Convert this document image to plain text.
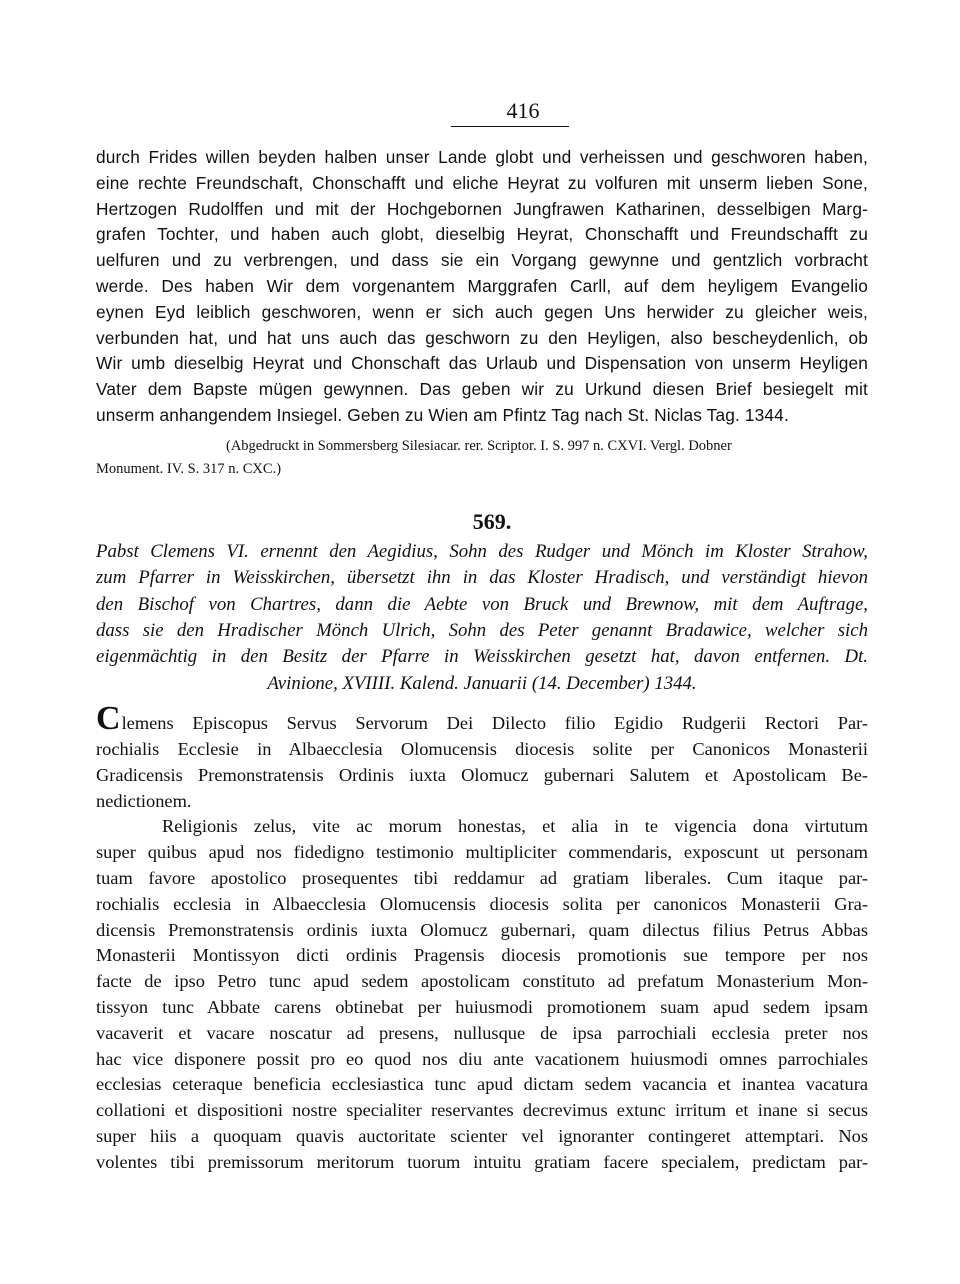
416
durch Frides willen beyden halben unser Lande globt und verheissen und geschworen haben,
eine rechte Freundschaft, Chonschafft und eliche Heyrat zu volfuren mit unserm lieben Sone,
Hertzogen Rudolffen und mit der Hochgebornen Jungfrawen Katharinen, desselbigen Marg-
grafen Tochter, und haben auch globt, dieselbig Heyrat, Chonschafft und Freundschafft zu
uelfuren und zu verbrengen, und dass sie ein Vorgang gewynne und gentzlich vorbracht
werde. Des haben Wir dem vorgenantem Marggrafen Carll, auf dem heyligem Evangelio
eynen Eyd leiblich geschworen, wenn er sich auch gegen Uns herwider zu gleicher weis,
verbunden hat, und hat uns auch das geschworn zu den Heyligen, also bescheydenlich, ob
Wir umb dieselbig Heyrat und Chonschaft das Urlaub und Dispensation von unserm Heyligen
Vater dem Bapste mügen gewynnen. Das geben wir zu Urkund diesen Brief besiegelt mit
unserm anhangendem Insiegel. Geben zu Wien am Pfintz Tag nach St. Niclas Tag. 1344.
(Abgedruckt in Sommersberg Silesiacar. rer. Scriptor. I. S. 997 n. CXVI. Vergl. Dobner
Monument. IV. S. 317 n. CXC.)
569.
Pabst Clemens VI. ernennt den Aegidius, Sohn des Rudger und Mönch im Kloster Strahow,
zum Pfarrer in Weisskirchen, übersetzt ihn in das Kloster Hradisch, und verständigt hievon
den Bischof von Chartres, dann die Aebte von Bruck und Brewnow, mit dem Auftrage,
dass sie den Hradischer Mönch Ulrich, Sohn des Peter genannt Bradawice, welcher sich
eigenmächtig in den Besitz der Pfarre in Weisskirchen gesetzt hat, davon entfernen. Dt.
Avinione, XVIIII. Kalend. Januarii (14. December) 1344.
Clemens Episcopus Servus Servorum Dei Dilecto filio Egidio Rudgerii Rectori Par-
rochialis Ecclesie in Albaecclesia Olomucensis diocesis solite per Canonicos Monasterii
Gradicensis Premonstratensis Ordinis iuxta Olomucz gubernari Salutem et Apostolicam Be-
nedictionem.
Religionis zelus, vite ac morum honestas, et alia in te vigencia dona virtutum
super quibus apud nos fidedigno testimonio multipliciter commendaris, exposcunt ut personam
tuam favore apostolico prosequentes tibi reddamur ad gratiam liberales. Cum itaque par-
rochialis ecclesia in Albaecclesia Olomucensis diocesis solita per canonicos Monasterii Gra-
dicensis Premonstratensis ordinis iuxta Olomucz gubernari, quam dilectus filius Petrus Abbas
Monasterii Montissyon dicti ordinis Pragensis diocesis promotionis sue tempore per nos
facte de ipso Petro tunc apud sedem apostolicam constituto ad prefatum Monasterium Mon-
tissyon tunc Abbate carens obtinebat per huiusmodi promotionem suam apud sedem ipsam
vacaverit et vacare noscatur ad presens, nullusque de ipsa parrochiali ecclesia preter nos
hac vice disponere possit pro eo quod nos diu ante vacationem huiusmodi omnes parrochiales
ecclesias ceteraque beneficia ecclesiastica tunc apud dictam sedem vacancia et inantea vacatura
collationi et dispositioni nostre specialiter reservantes decrevimus extunc irritum et inane si secus
super hiis a quoquam quavis auctoritate scienter vel ignoranter contingeret attemptari. Nos
volentes tibi premissorum meritorum tuorum intuitu gratiam facere specialem, predictam par-
